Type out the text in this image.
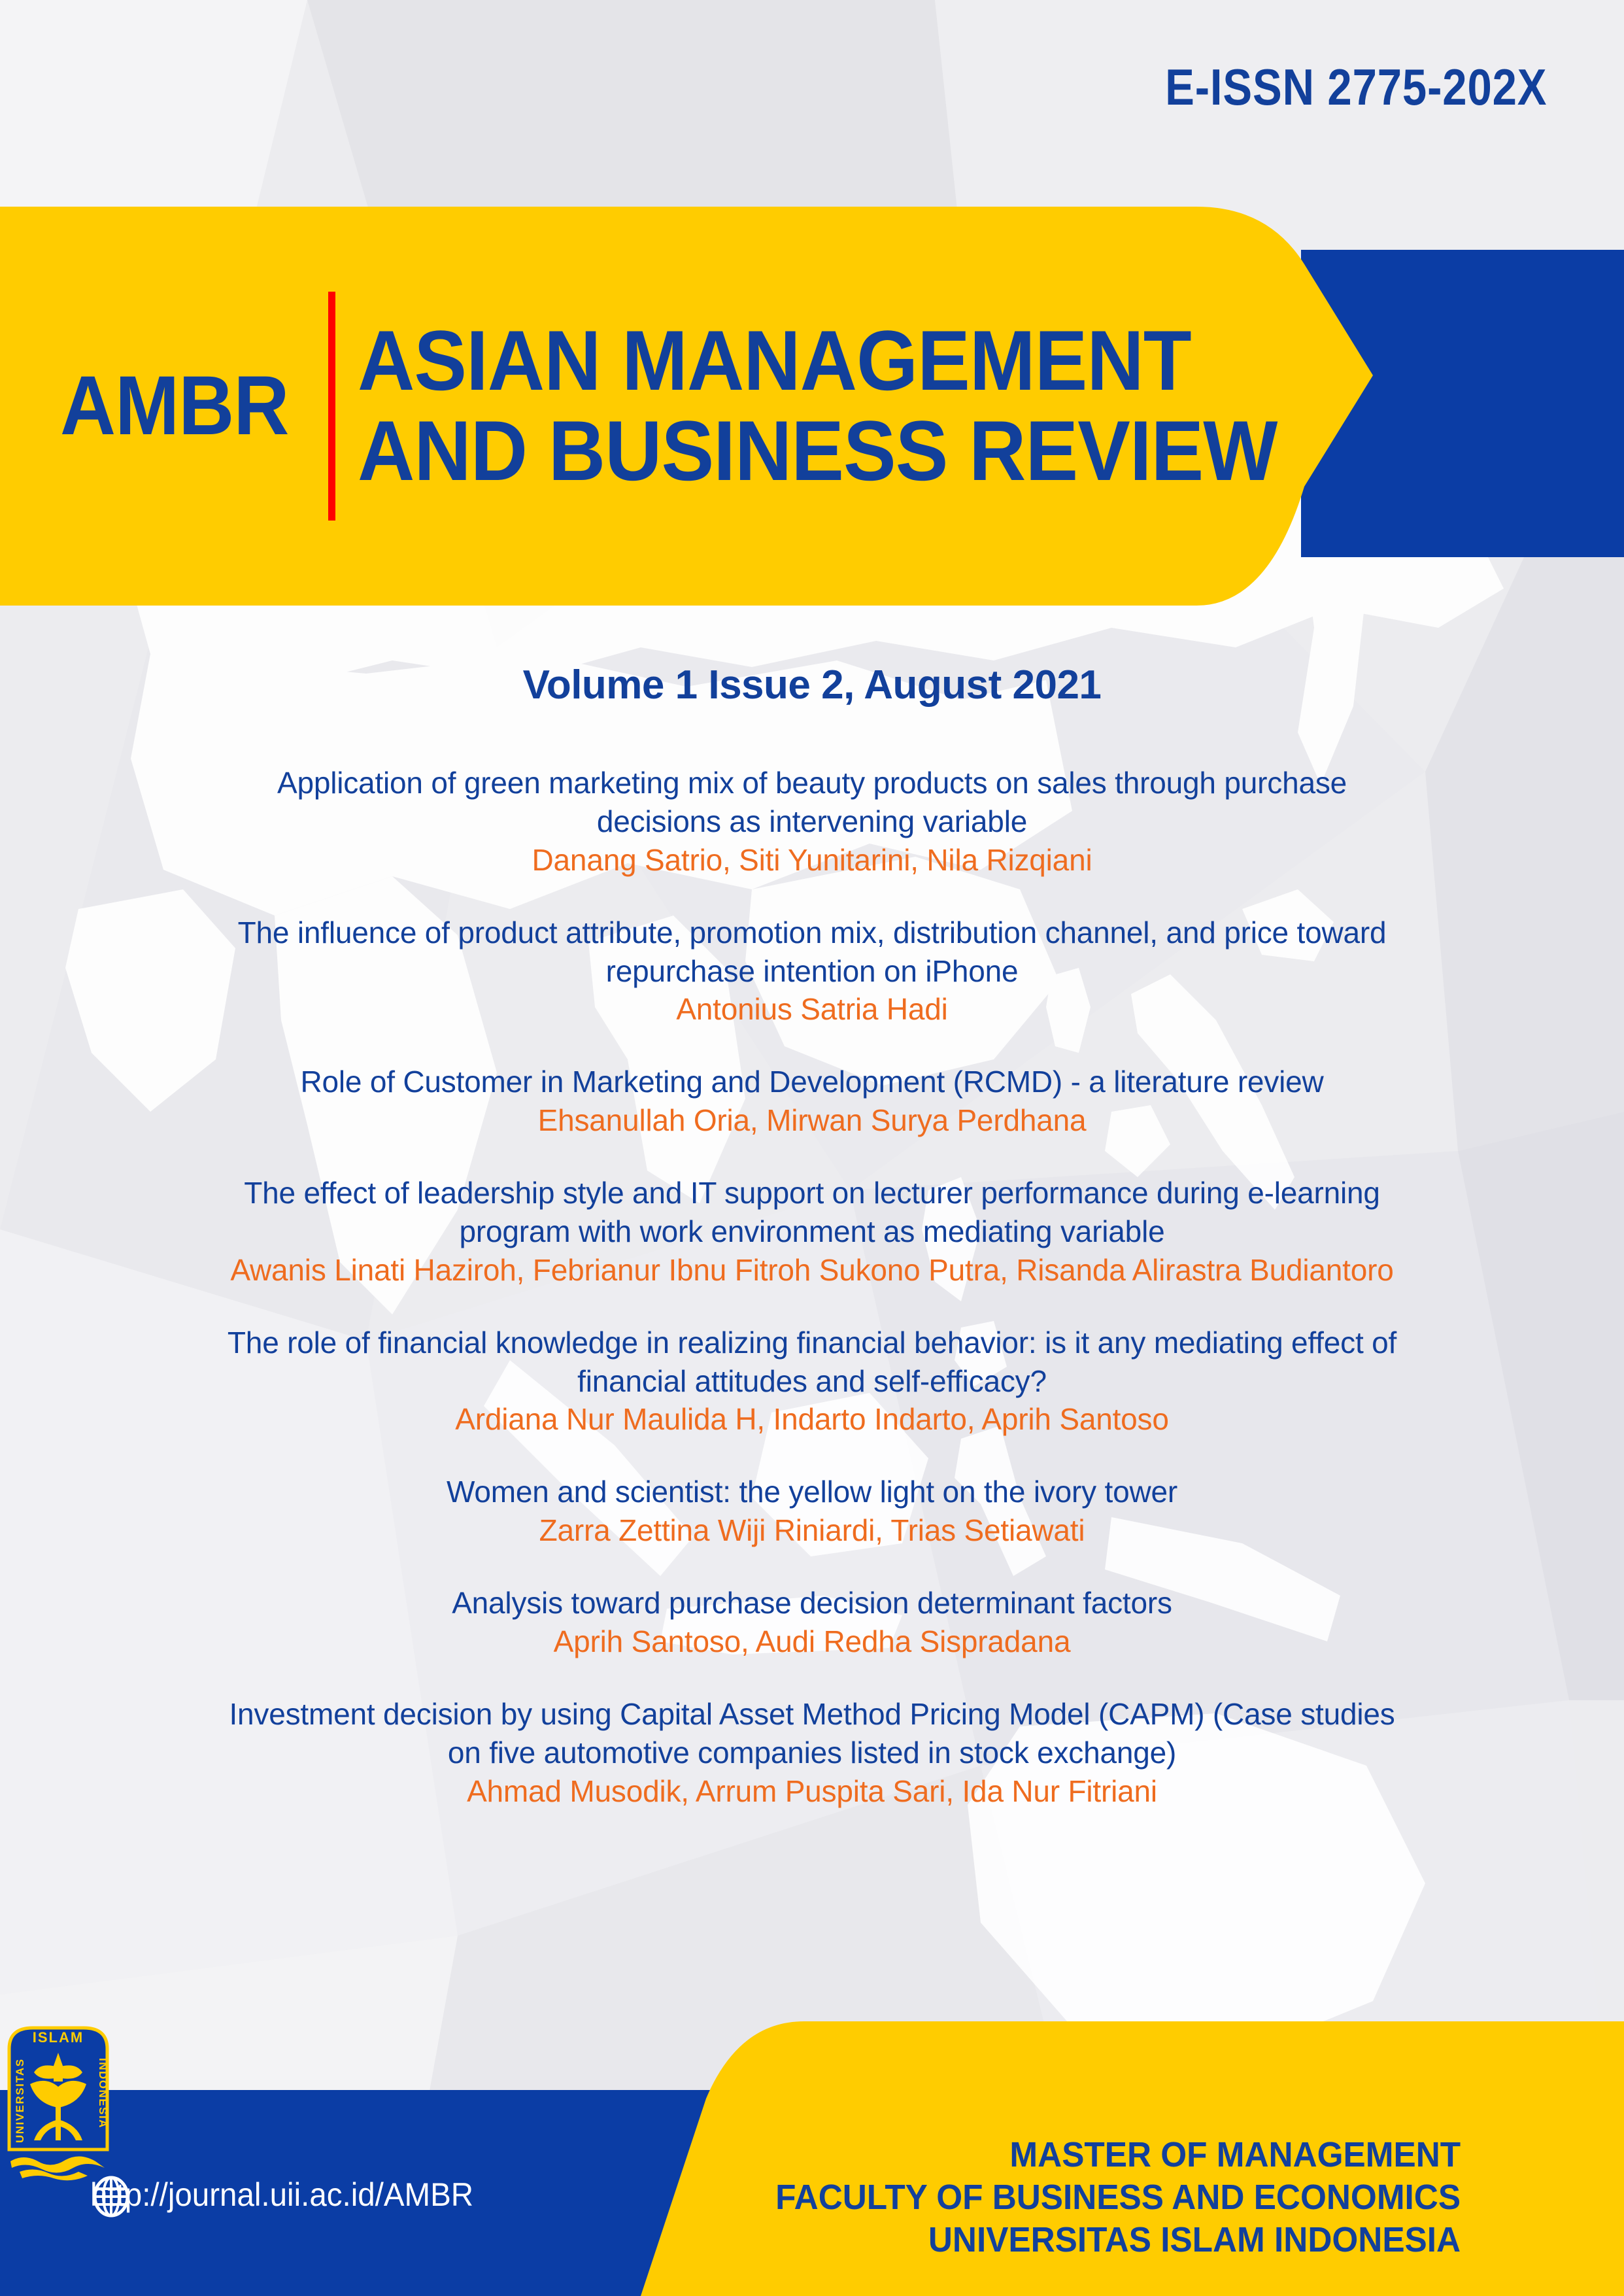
E-ISSN 2775-202X
AMBR ASIAN MANAGEMENT
AND BUSINESS REVIEW
Volume 1 Issue 2, August 2021
Application of green marketing mix of beauty products on sales through purchase decisions as intervening variable
Danang Satrio, Siti Yunitarini, Nila Rizqiani
The influence of product attribute, promotion mix, distribution channel, and price toward repurchase intention on iPhone
Antonius Satria Hadi
Role of Customer in Marketing and Development (RCMD) - a literature review
Ehsanullah Oria, Mirwan Surya Perdhana
The effect of leadership style and IT support on lecturer performance during e-learning program with work environment as mediating variable
Awanis Linati Haziroh, Febrianur Ibnu Fitroh Sukono Putra, Risanda Alirastra Budiantoro
The role of financial knowledge in realizing financial behavior: is it any mediating effect of financial attitudes and self-efficacy?
Ardiana Nur Maulida H, Indarto Indarto, Aprih Santoso
Women and scientist: the yellow light on the ivory tower
Zarra Zettina Wiji Riniardi, Trias Setiawati
Analysis toward purchase decision determinant factors
Aprih Santoso, Audi Redha Sispradana
Investment decision by using Capital Asset Method Pricing Model (CAPM) (Case studies on five automotive companies listed in stock exchange)
Ahmad Musodik, Arrum Puspita Sari, Ida Nur Fitriani
http://journal.uii.ac.id/AMBR
MASTER OF MANAGEMENT
FACULTY OF BUSINESS AND ECONOMICS
UNIVERSITAS ISLAM INDONESIA
ISLAM
UNIVERSITAS	INDONESIA
